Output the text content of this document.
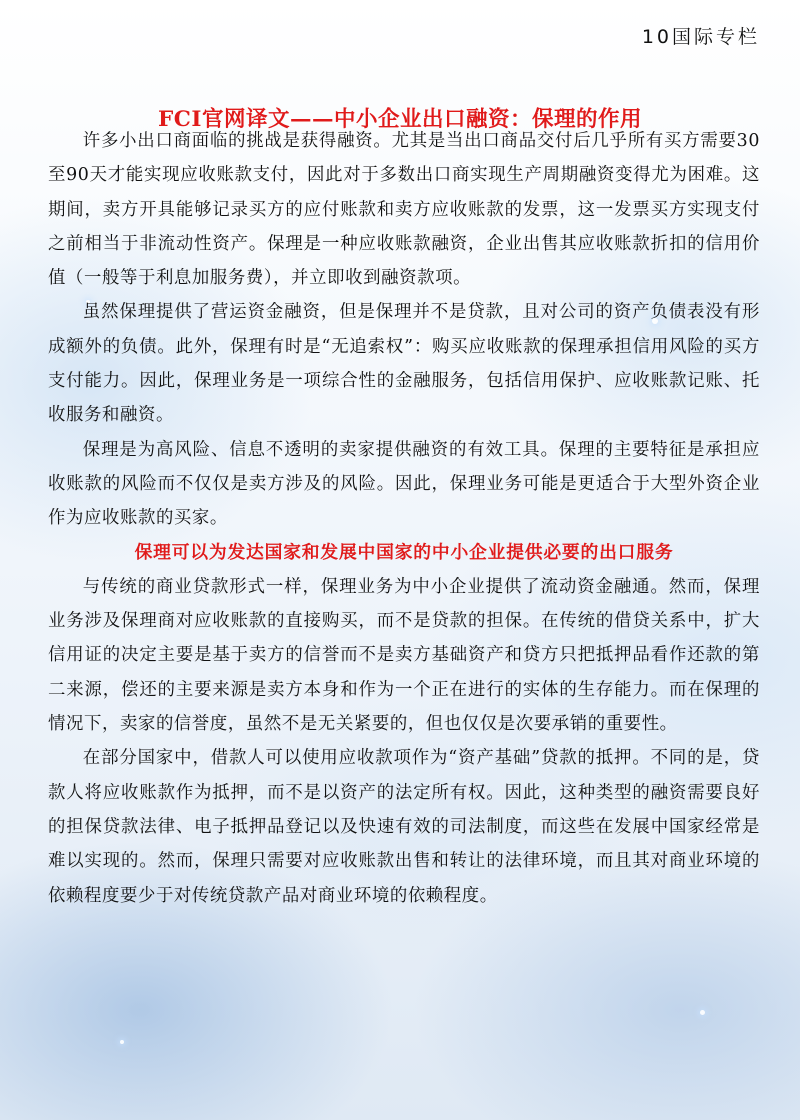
10国际专栏
FCI官网译文——中小企业出口融资：保理的作用

许多小出口商面临的挑战是获得融资。尤其是当出口商品交付后几乎所有买方需要30至90天才能实现应收账款支付，因此对于多数出口商实现生产周期融资变得尤为困难。这期间，卖方开具能够记录买方的应付账款和卖方应收账款的发票，这一发票买方实现支付之前相当于非流动性资产。保理是一种应收账款融资，企业出售其应收账款折扣的信用价值（一般等于利息加服务费），并立即收到融资款项。

虽然保理提供了营运资金融资，但是保理并不是贷款，且对公司的资产负债表没有形成额外的负债。此外，保理有时是“无追索权”：购买应收账款的保理承担信用风险的买方支付能力。因此，保理业务是一项综合性的金融服务，包括信用保护、应收账款记账、托收服务和融资。

保理是为高风险、信息不透明的卖家提供融资的有效工具。保理的主要特征是承担应收账款的风险而不仅仅是卖方涉及的风险。因此，保理业务可能是更适合于大型外资企业作为应收账款的买家。

保理可以为发达国家和发展中国家的中小企业提供必要的出口服务

与传统的商业贷款形式一样，保理业务为中小企业提供了流动资金融通。然而，保理业务涉及保理商对应收账款的直接购买，而不是贷款的担保。在传统的借贷关系中，扩大信用证的决定主要是基于卖方的信誉而不是卖方基础资产和贷方只把抵押品看作还款的第二来源，偿还的主要来源是卖方本身和作为一个正在进行的实体的生存能力。而在保理的情况下，卖家的信誉度，虽然不是无关紧要的，但也仅仅是次要承销的重要性。

在部分国家中，借款人可以使用应收款项作为“资产基础”贷款的抵押。不同的是，贷款人将应收账款作为抵押，而不是以资产的法定所有权。因此，这种类型的融资需要良好的担保贷款法律、电子抵押品登记以及快速有效的司法制度，而这些在发展中国家经常是难以实现的。然而，保理只需要对应收账款出售和转让的法律环境，而且其对商业环境的依赖程度要少于对传统贷款产品对商业环境的依赖程度。
